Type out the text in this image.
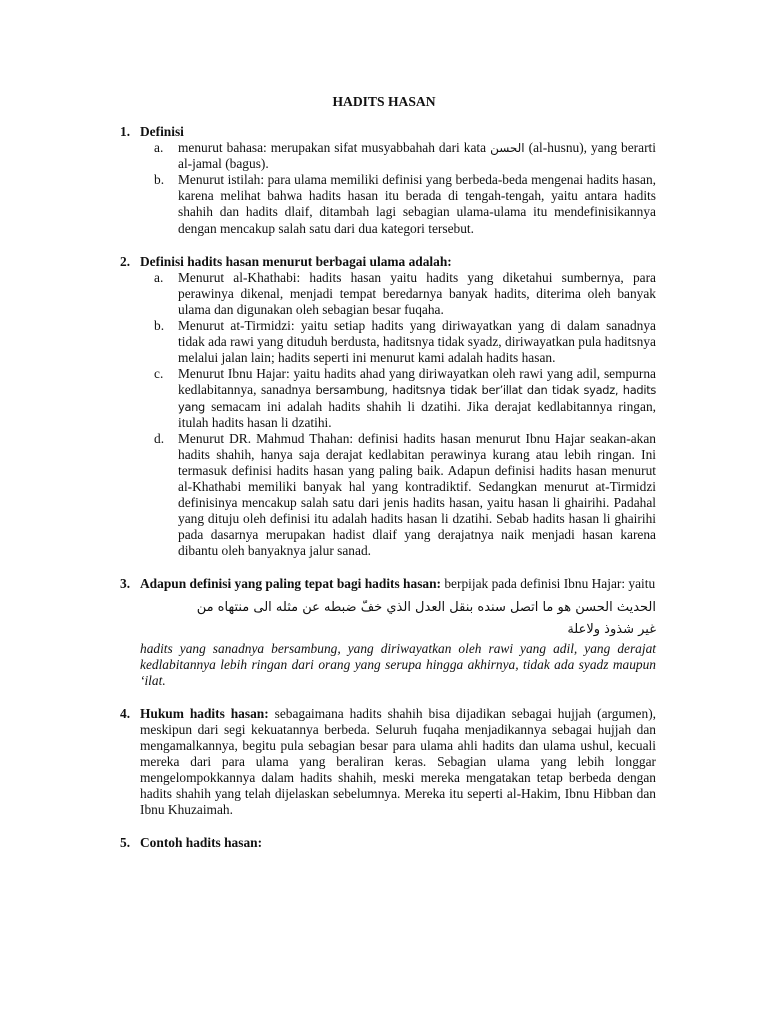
HADITS HASAN
1. Definisi
a. menurut bahasa: merupakan sifat musyabbahah dari kata الحسن (al-husnu), yang berarti al-jamal (bagus).
b. Menurut istilah: para ulama memiliki definisi yang berbeda-beda mengenai hadits hasan, karena melihat bahwa hadits hasan itu berada di tengah-tengah, yaitu antara hadits shahih dan hadits dlaif, ditambah lagi sebagian ulama-ulama itu mendefinisikannya dengan mencakup salah satu dari dua kategori tersebut.
2. Definisi hadits hasan menurut berbagai ulama adalah:
a. Menurut al-Khathabi: hadits hasan yaitu hadits yang diketahui sumbernya, para perawinya dikenal, menjadi tempat beredarnya banyak hadits, diterima oleh banyak ulama dan digunakan oleh sebagian besar fuqaha.
b. Menurut at-Tirmidzi: yaitu setiap hadits yang diriwayatkan yang di dalam sanadnya tidak ada rawi yang dituduh berdusta, haditsnya tidak syadz, diriwayatkan pula haditsnya melalui jalan lain; hadits seperti ini menurut kami adalah hadits hasan.
c. Menurut Ibnu Hajar: yaitu hadits ahad yang diriwayatkan oleh rawi yang adil, sempurna kedlabitannya, sanadnya bersambung, haditsnya tidak ber’illat dan tidak syadz, hadits yang semacam ini adalah hadits shahih li dzatihi. Jika derajat kedlabitannya ringan, itulah hadits hasan li dzatihi.
d. Menurut DR. Mahmud Thahan: definisi hadits hasan menurut Ibnu Hajar seakan-akan hadits shahih, hanya saja derajat kedlabitan perawinya kurang atau lebih ringan. Ini termasuk definisi hadits hasan yang paling baik. Adapun definisi hadits hasan menurut al-Khathabi memiliki banyak hal yang kontradiktif. Sedangkan menurut at-Tirmidzi definisinya mencakup salah satu dari jenis hadits hasan, yaitu hasan li ghairihi. Padahal yang dituju oleh definisi itu adalah hadits hasan li dzatihi. Sebab hadits hasan li ghairihi pada dasarnya merupakan hadist dlaif yang derajatnya naik menjadi hasan karena dibantu oleh banyaknya jalur sanad.
3. Adapun definisi yang paling tepat bagi hadits hasan: berpijak pada definisi Ibnu Hajar: yaitu
الحديث الحسن هو ما اتصل سنده بنقل العدل الذي خفّ ضبطه عن مثله الى منتهاه من غير شذوذ ولاعلة
hadits yang sanadnya bersambung, yang diriwayatkan oleh rawi yang adil, yang derajat kedlabitannya lebih ringan dari orang yang serupa hingga akhirnya, tidak ada syadz maupun ‘ilat.
4. Hukum hadits hasan: sebagaimana hadits shahih bisa dijadikan sebagai hujjah (argumen), meskipun dari segi kekuatannya berbeda. Seluruh fuqaha menjadikannya sebagai hujjah dan mengamalkannya, begitu pula sebagian besar para ulama ahli hadits dan ulama ushul, kecuali mereka dari para ulama yang beraliran keras. Sebagian ulama yang lebih longgar mengelompokkannya dalam hadits shahih, meski mereka mengatakan tetap berbeda dengan hadits shahih yang telah dijelaskan sebelumnya. Mereka itu seperti al-Hakim, Ibnu Hibban dan Ibnu Khuzaimah.
5. Contoh hadits hasan:
